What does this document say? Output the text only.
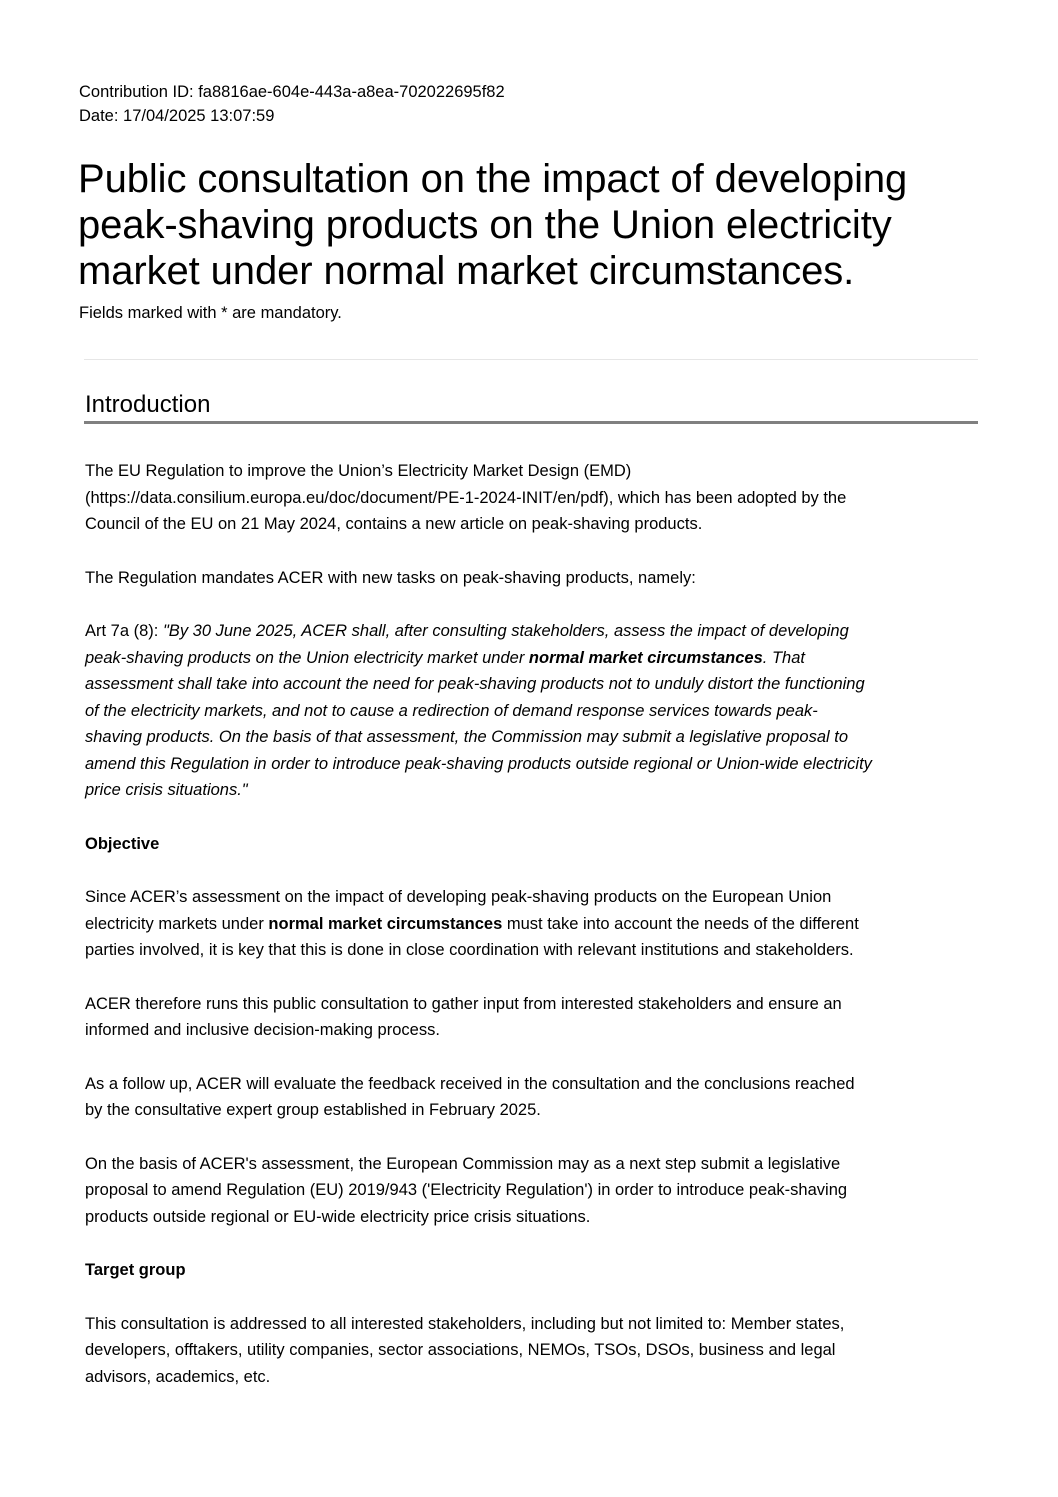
Contribution ID: fa8816ae-604e-443a-a8ea-702022695f82
Date: 17/04/2025 13:07:59
Public consultation on the impact of developing
peak-shaving products on the Union electricity
market under normal market circumstances.
Fields marked with * are mandatory.
Introduction

The EU Regulation to improve the Union’s Electricity Market Design (EMD)
(https://data.consilium.europa.eu/doc/document/PE-1-2024-INIT/en/pdf), which has been adopted by the
Council of the EU on 21 May 2024, contains a new article on peak-shaving products.

The Regulation mandates ACER with new tasks on peak-shaving products, namely:

Art 7a (8): "By 30 June 2025, ACER shall, after consulting stakeholders, assess the impact of developing
peak-shaving products on the Union electricity market under normal market circumstances. That
assessment shall take into account the need for peak-shaving products not to unduly distort the functioning
of the electricity markets, and not to cause a redirection of demand response services towards peak-
shaving products. On the basis of that assessment, the Commission may submit a legislative proposal to
amend this Regulation in order to introduce peak-shaving products outside regional or Union-wide electricity
price crisis situations."

Objective

Since ACER’s assessment on the impact of developing peak-shaving products on the European Union
electricity markets under normal market circumstances must take into account the needs of the different
parties involved, it is key that this is done in close coordination with relevant institutions and stakeholders.

ACER therefore runs this public consultation to gather input from interested stakeholders and ensure an
informed and inclusive decision-making process.

As a follow up, ACER will evaluate the feedback received in the consultation and the conclusions reached
by the consultative expert group established in February 2025.

On the basis of ACER's assessment, the European Commission may as a next step submit a legislative
proposal to amend Regulation (EU) 2019/943 ('Electricity Regulation') in order to introduce peak-shaving
products outside regional or EU-wide electricity price crisis situations.

Target group

This consultation is addressed to all interested stakeholders, including but not limited to: Member states,
developers, offtakers, utility companies, sector associations, NEMOs, TSOs, DSOs, business and legal
advisors, academics, etc.
